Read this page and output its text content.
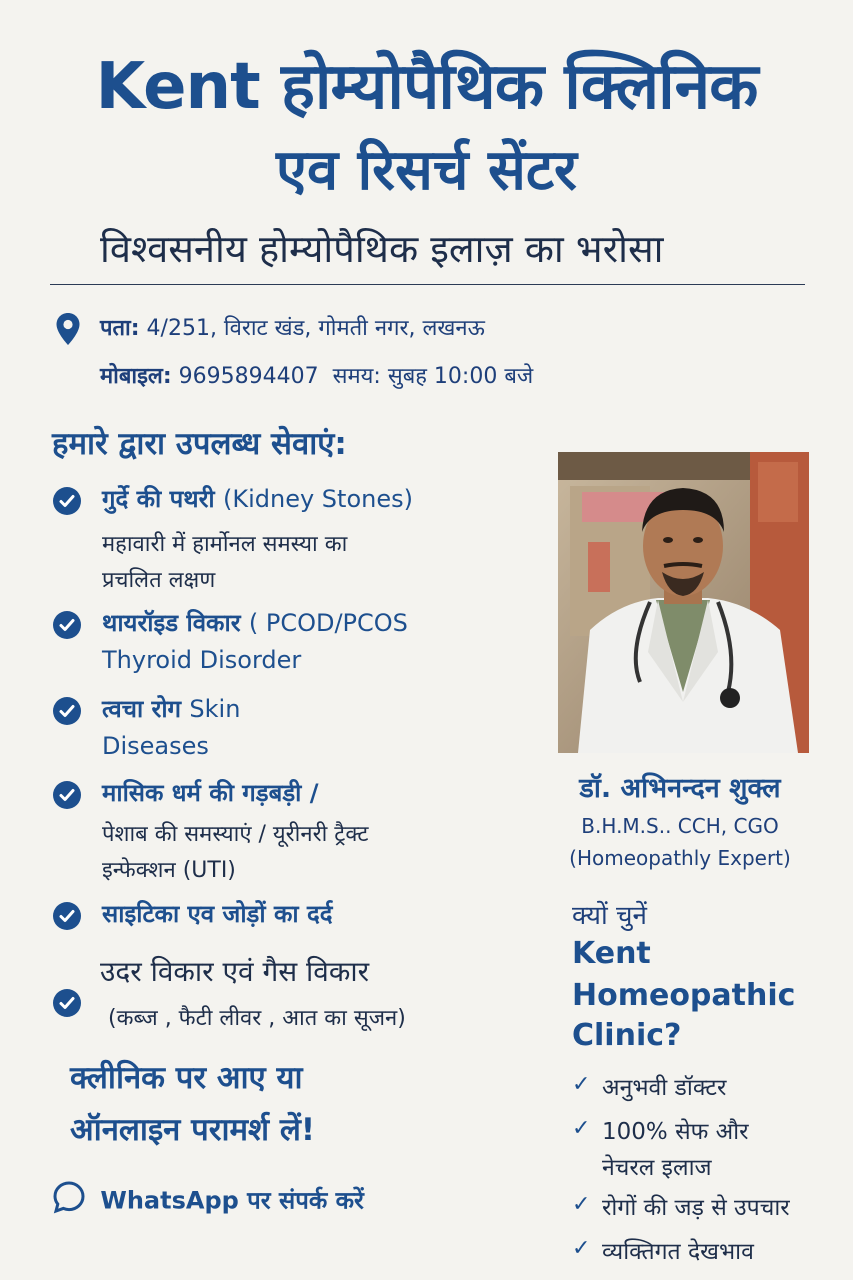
Kent होम्योपैथिक क्लिनिक
एव रिसर्च सेंटर
विश्वसनीय होम्योपैथिक इलाज़ का भरोसा
पता: 4/251, विराट खंड, गोमती नगर, लखनऊ
मोबाइल: 9695894407 समय: सुबह 10:00 बजे
हमारे द्वारा उपलब्ध सेवाएं:
गुर्दे की पथरी (Kidney Stones)
महावारी में हार्मोनल समस्या का
प्रचलित लक्षण
थायरॉइड विकार ( PCOD/PCOS
Thyroid Disorder
त्वचा रोग Skin
Diseases
मासिक धर्म की गड़बड़ी /
पेशाब की समस्याएं / यूरीनरी ट्रैक्ट
इन्फेक्शन (UTI)
साइटिका एव जोड़ों का दर्द
उदर विकार एवं गैस विकार
(कब्ज , फैटी लीवर , आत का सूजन)
डॉ. अभिनन्दन शुक्ल
B.H.M.S.. CCH, CGO
(Homeopathly Expert)
क्यों चुनें
Kent
Homeopathic
Clinic?
✓ अनुभवी डॉक्टर
✓ 100% सेफ और
नेचरल इलाज
✓ रोगों की जड़ से उपचार
✓ व्यक्तिगत देखभाव
क्लीनिक पर आए या
ऑनलाइन परामर्श लें!
WhatsApp पर संपर्क करें
